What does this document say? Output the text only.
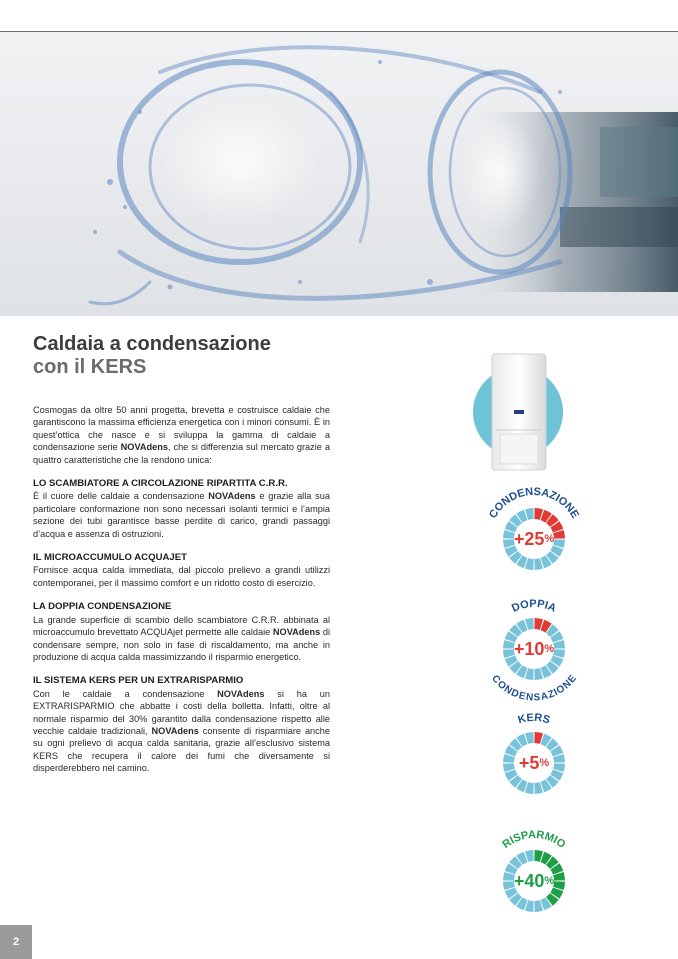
Caldaia a condensazione
con il KERS

Cosmogas da oltre 50 anni progetta, brevetta e costruisce caldaie che garantiscono la massima efficienza energetica con i minori consumi. È in quest’ottica che nasce e si sviluppa la gamma di caldaie a condensazione serie NOVAdens, che si differenzia sul mercato grazie a quattro caratteristiche che la rendono unica:

LO SCAMBIATORE A CIRCOLAZIONE RIPARTITA C.R.R.

È il cuore delle caldaie a condensazione NOVAdens e grazie alla sua particolare conformazione non sono necessari isolanti termici e l’ampia sezione dei tubi garantisce basse perdite di carico, grandi passaggi d’acqua e assenza di ostruzioni.

IL MICROACCUMULO ACQUAJET

Fornisce acqua calda immediata, dal piccolo prelievo a grandi utilizzi contemporanei, per il massimo comfort e un ridotto costo di esercizio.

LA DOPPIA CONDENSAZIONE

La grande superficie di scambio dello scambiatore C.R.R. abbinata al microaccumulo brevettato ACQUAjet permette alle caldaie NOVAdens di condensare sempre, non solo in fase di riscaldamento, ma anche in produzione di acqua calda massimizzando il risparmio energetico.

IL SISTEMA KERS PER UN EXTRARISPARMIO

Con le caldaie a condensazione NOVAdens si ha un EXTRARISPARMIO che abbatte i costi della bolletta. Infatti, oltre al normale risparmio del 30% garantito dalla condensazione rispetto alle vecchie caldaie tradizionali, NOVAdens consente di risparmiare anche su ogni prelievo di acqua calda sanitaria, grazie all’esclusivo sistema KERS che recupera il calore dei fumi che diversamente si disperderebbero nel camino.

CONDENSAZIONE
+25%
DOPPIA
CONDENSAZIONE
+10%
KERS
+5%
RISPARMIO
+40%
2
